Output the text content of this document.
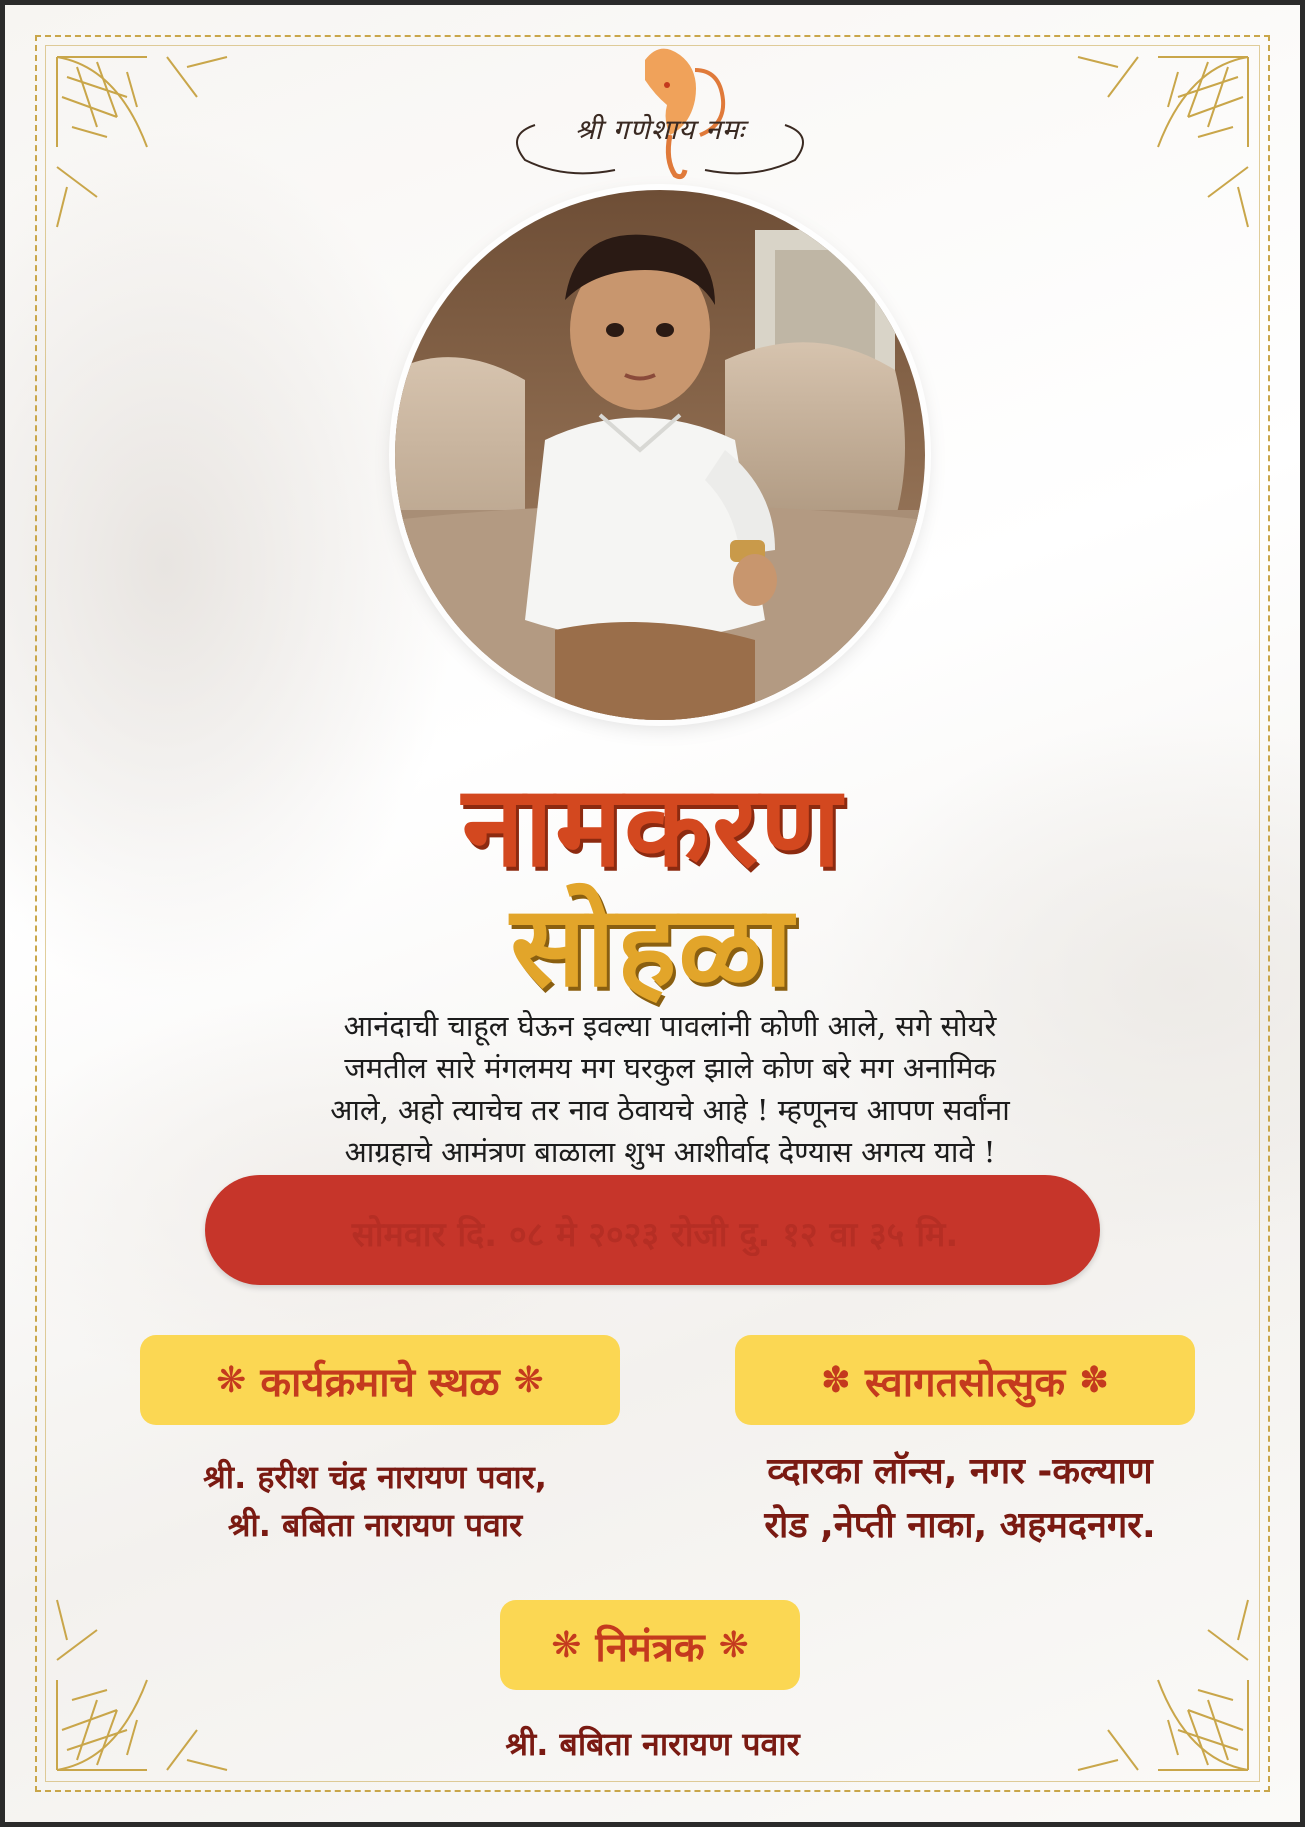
श्री गणेशाय नमः
नामकरण
सोहळा
आनंदाची चाहूल घेऊन इवल्या पावलांनी कोणी आले, सगे सोयरे
जमतील सारे मंगलमय मग घरकुल झाले कोण बरे मग अनामिक
आले, अहो त्याचेच तर नाव ठेवायचे आहे ! म्हणूनच आपण सर्वांना
आग्रहाचे आमंत्रण बाळाला शुभ आशीर्वाद देण्यास अगत्य यावे !
सोमवार दि. ०८ मे २०२३ रोजी दु. १२ वा ३५ मि.
❋ कार्यक्रमाचे स्थळ ❋	✽ स्वागतसोत्सुक ✽
श्री. हरीश चंद्र नारायण पवार,
श्री. बबिता नारायण पवार
व्दारका लॉन्स, नगर -कल्याण
रोड ,नेप्ती नाका, अहमदनगर.
❋ निमंत्रक ❋
श्री. बबिता नारायण पवार
